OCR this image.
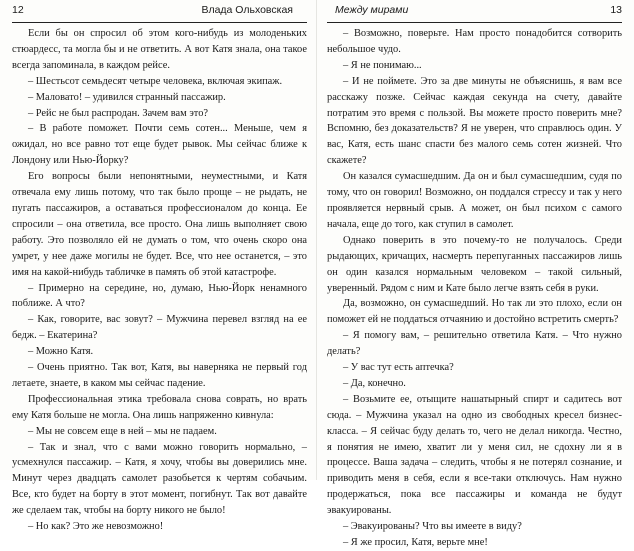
12	Влада Ольховская

Если бы он спросил об этом кого-нибудь из молоденьких стюардесс, та могла бы и не ответить. А вот Катя знала, она такое всегда запоминала, в каждом рейсе.

– Шестьсот семьдесят четыре человека, включая экипаж.

– Маловато! – удивился странный пассажир.

– Рейс не был распродан. Зачем вам это?

– В работе поможет. Почти семь сотен... Меньше, чем я ожидал, но все равно тот еще будет рывок. Мы сейчас ближе к Лондону или Нью-Йорку?

Его вопросы были непонятными, неуместными, и Катя отвечала ему лишь потому, что так было проще – не рыдать, не пугать пассажиров, а оставаться профессионалом до конца. Ее спросили – она ответила, все просто. Она лишь выполняет свою работу. Это позволяло ей не думать о том, что очень скоро она умрет, у нее даже могилы не будет. Все, что нее останется, – это имя на какой-нибудь табличке в память об этой катастрофе.

– Примерно на середине, но, думаю, Нью-Йорк ненамного поближе. А что?

– Как, говорите, вас зовут? – Мужчина перевел взгляд на ее бедж. – Екатерина?

– Можно Катя.

– Очень приятно. Так вот, Катя, вы наверняка не первый год летаете, знаете, в каком мы сейчас падение.

Профессиональная этика требовала снова соврать, но врать ему Катя больше не могла. Она лишь напряженно кивнула:

– Мы не совсем еще в ней – мы не падаем.

– Так и знал, что с вами можно говорить нормально, – усмехнулся пассажир. – Катя, я хочу, чтобы вы доверились мне. Минут через двадцать самолет разобьется к чертям собачьим. Все, кто будет на борту в этот момент, погибнут. Так вот давайте же сделаем так, чтобы на борту никого не было!

– Но как? Это же невозможно!

Между мирами	13

– Возможно, поверьте. Нам просто понадобится сотворить небольшое чудо.

– Я не понимаю...

– И не поймете. Это за две минуты не объяснишь, я вам все расскажу позже. Сейчас каждая секунда на счету, давайте потратим это время с пользой. Вы можете просто поверить мне? Вспомню, без доказательств? Я не уверен, что справлюсь один. У вас, Катя, есть шанс спасти без малого семь сотен жизней. Что скажете?

Он казался сумасшедшим. Да он и был сумасшедшим, судя по тому, что он говорил! Возможно, он поддался стрессу и так у него проявляется нервный срыв. А может, он был психом с самого начала, еще до того, как ступил в самолет.

Однако поверить в это почему-то не получалось. Среди рыдающих, кричащих, насмерть перепуганных пассажиров лишь он один казался нормальным человеком – такой сильный, уверенный. Рядом с ним и Кате было легче взять себя в руки.

Да, возможно, он сумасшедший. Но так ли это плохо, если он поможет ей не поддаться отчаянию и достойно встретить смерть?

– Я помогу вам, – решительно ответила Катя. – Что нужно делать?

– У вас тут есть аптечка?

– Да, конечно.

– Возьмите ее, отыщите нашатырный спирт и садитесь вот сюда. – Мужчина указал на одно из свободных кресел бизнес-класса. – Я сейчас буду делать то, чего не делал никогда. Честно, я понятия не имею, хватит ли у меня сил, не сдохну ли я в процессе. Ваша задача – следить, чтобы я не потерял сознание, и приводить меня в себя, если я все-таки отключусь. Нам нужно продержаться, пока все пассажиры и команда не будут эвакуированы.

– Эвакуированы? Что вы имеете в виду?

– Я же просил, Катя, верьте мне!
